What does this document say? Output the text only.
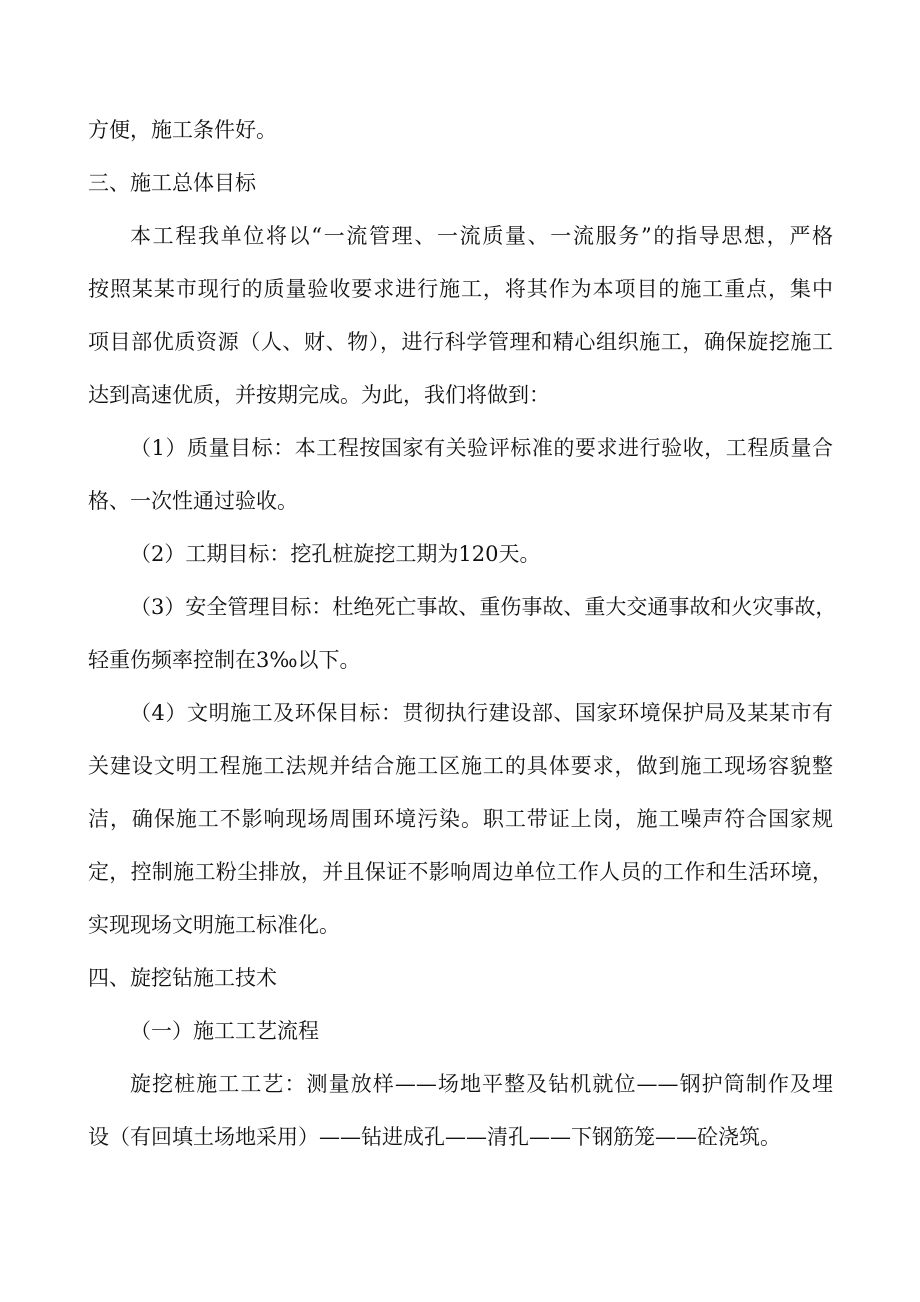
方便，施工条件好。
三、施工总体目标
本工程我单位将以“一流管理、一流质量、一流服务”的指导思想，严格
按照某某市现行的质量验收要求进行施工，将其作为本项目的施工重点，集中
项目部优质资源（人、财、物），进行科学管理和精心组织施工，确保旋挖施工
达到高速优质，并按期完成。为此，我们将做到：
（1）质量目标：本工程按国家有关验评标准的要求进行验收，工程质量合
格、一次性通过验收。
（2）工期目标：挖孔桩旋挖工期为120天。
（3）安全管理目标：杜绝死亡事故、重伤事故、重大交通事故和火灾事故，
轻重伤频率控制在3‰以下。
（4）文明施工及环保目标：贯彻执行建设部、国家环境保护局及某某市有
关建设文明工程施工法规并结合施工区施工的具体要求，做到施工现场容貌整
洁，确保施工不影响现场周围环境污染。职工带证上岗，施工噪声符合国家规
定，控制施工粉尘排放，并且保证不影响周边单位工作人员的工作和生活环境，
实现现场文明施工标准化。
四、旋挖钻施工技术
（一）施工工艺流程
旋挖桩施工工艺：测量放样——场地平整及钻机就位——钢护筒制作及埋
设（有回填土场地采用）——钻进成孔——清孔——下钢筋笼——砼浇筑。
